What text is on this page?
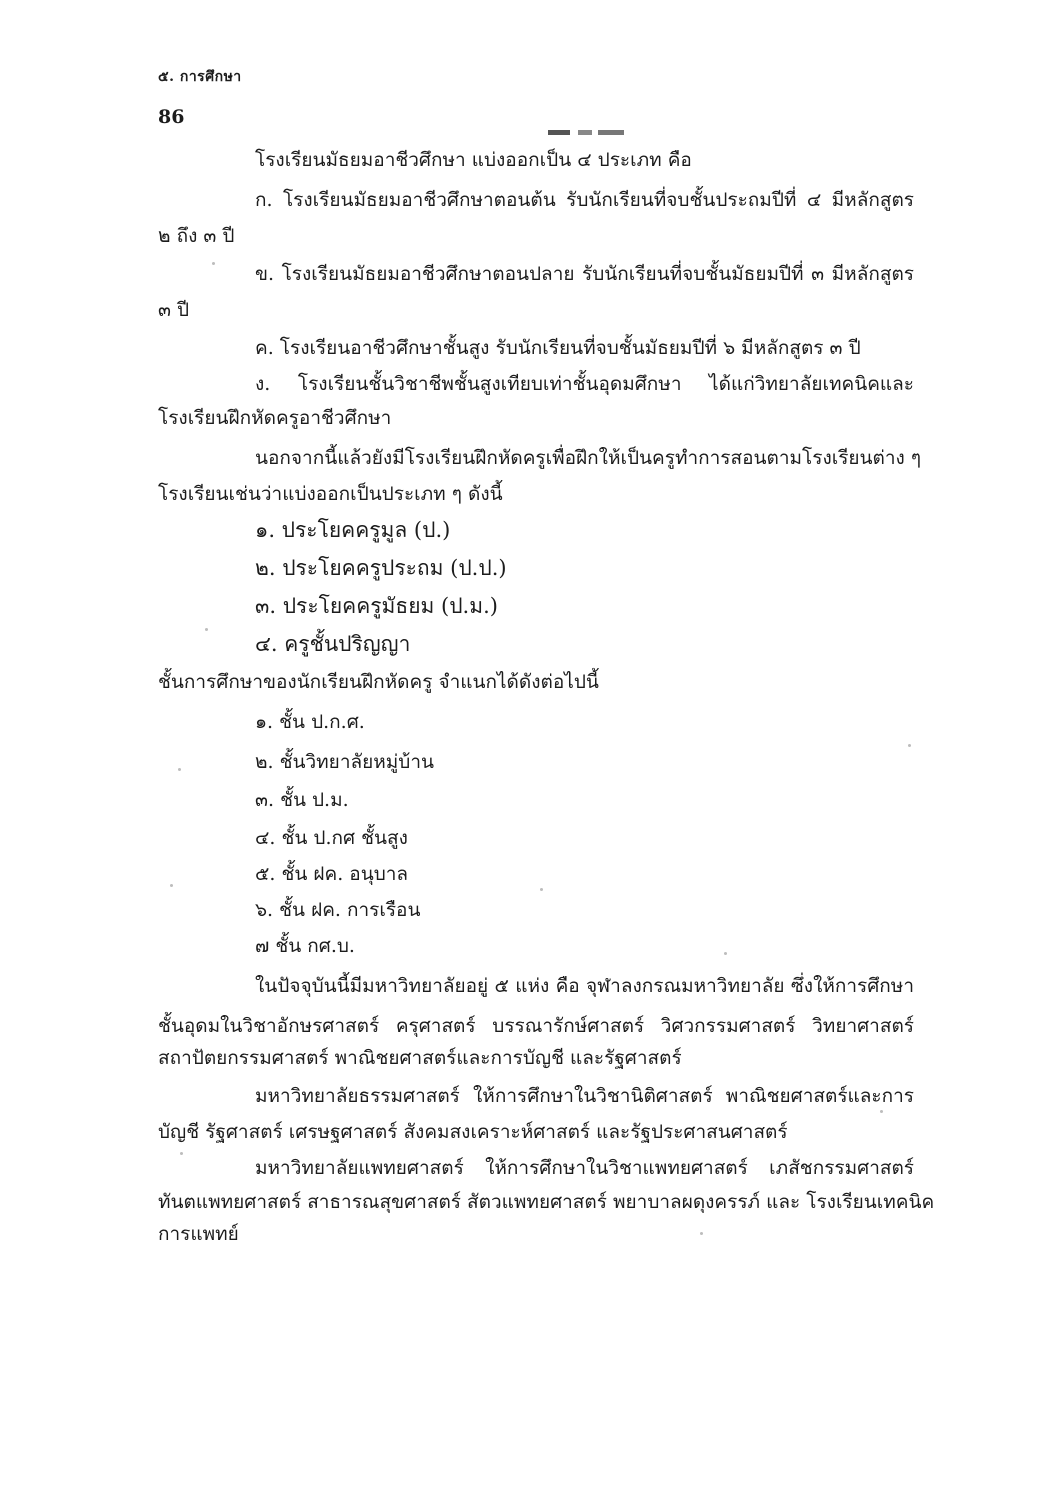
๕. การศึกษา
86
โรงเรียนมัธยมอาชีวศึกษา แบ่งออกเป็น ๔ ประเภท คือ
ก. โรงเรียนมัธยมอาชีวศึกษาตอนต้น รับนักเรียนที่จบชั้นประถมปีที่ ๔ มีหลักสูตร
๒ ถึง ๓ ปี
ข. โรงเรียนมัธยมอาชีวศึกษาตอนปลาย รับนักเรียนที่จบชั้นมัธยมปีที่ ๓ มีหลักสูตร
๓ ปี
ค. โรงเรียนอาชีวศึกษาชั้นสูง รับนักเรียนที่จบชั้นมัธยมปีที่ ๖ มีหลักสูตร ๓ ปี
ง. โรงเรียนชั้นวิชาชีพชั้นสูงเทียบเท่าชั้นอุดมศึกษา ได้แก่วิทยาลัยเทคนิคและ
โรงเรียนฝึกหัดครูอาชีวศึกษา
นอกจากนี้แล้วยังมีโรงเรียนฝึกหัดครูเพื่อฝึกให้เป็นครูทำการสอนตามโรงเรียนต่าง ๆ
โรงเรียนเช่นว่าแบ่งออกเป็นประเภท ๆ ดังนี้
๑. ประโยคครูมูล (ป.)
๒. ประโยคครูประถม (ป.ป.)
๓. ประโยคครูมัธยม (ป.ม.)
๔. ครูชั้นปริญญา
ชั้นการศึกษาของนักเรียนฝึกหัดครู จำแนกได้ดังต่อไปนี้
๑. ชั้น ป.ก.ศ.
๒. ชั้นวิทยาลัยหมู่บ้าน
๓. ชั้น ป.ม.
๔. ชั้น ป.กศ ชั้นสูง
๕. ชั้น ฝค. อนุบาล
๖. ชั้น ฝค. การเรือน
๗ ชั้น กศ.บ.
ในปัจจุบันนี้มีมหาวิทยาลัยอยู่ ๕ แห่ง คือ จุฬาลงกรณมหาวิทยาลัย ซึ่งให้การศึกษา
ชั้นอุดมในวิชาอักษรศาสตร์ ครุศาสตร์ บรรณารักษ์ศาสตร์ วิศวกรรมศาสตร์ วิทยาศาสตร์
สถาปัตยกรรมศาสตร์ พาณิชยศาสตร์และการบัญชี และรัฐศาสตร์
มหาวิทยาลัยธรรมศาสตร์ ให้การศึกษาในวิชานิติศาสตร์ พาณิชยศาสตร์และการ
บัญชี รัฐศาสตร์ เศรษฐศาสตร์ สังคมสงเคราะห์ศาสตร์ และรัฐประศาสนศาสตร์
มหาวิทยาลัยแพทยศาสตร์ ให้การศึกษาในวิชาแพทยศาสตร์ เภสัชกรรมศาสตร์
ทันตแพทยศาสตร์ สาธารณสุขศาสตร์ สัตวแพทยศาสตร์ พยาบาลผดุงครรภ์ และ โรงเรียนเทคนิค
การแพทย์
